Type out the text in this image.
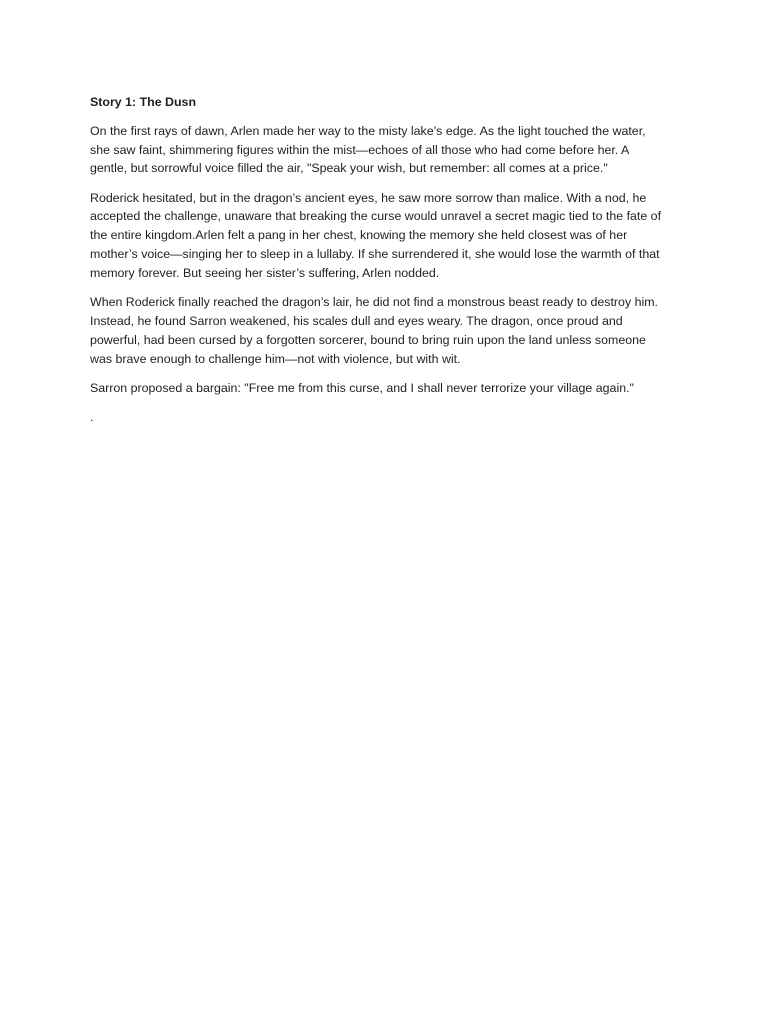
Story 1: The Dusn
On the first rays of dawn, Arlen made her way to the misty lake’s edge. As the light touched the water,
she saw faint, shimmering figures within the mist—echoes of all those who had come before her. A
gentle, but sorrowful voice filled the air, "Speak your wish, but remember: all comes at a price."
Roderick hesitated, but in the dragon’s ancient eyes, he saw more sorrow than malice. With a nod, he
accepted the challenge, unaware that breaking the curse would unravel a secret magic tied to the fate of
the entire kingdom.Arlen felt a pang in her chest, knowing the memory she held closest was of her
mother’s voice—singing her to sleep in a lullaby. If she surrendered it, she would lose the warmth of that
memory forever. But seeing her sister’s suffering, Arlen nodded.
When Roderick finally reached the dragon’s lair, he did not find a monstrous beast ready to destroy him.
Instead, he found Sarron weakened, his scales dull and eyes weary. The dragon, once proud and
powerful, had been cursed by a forgotten sorcerer, bound to bring ruin upon the land unless someone
was brave enough to challenge him—not with violence, but with wit.
Sarron proposed a bargain: "Free me from this curse, and I shall never terrorize your village again."
.
